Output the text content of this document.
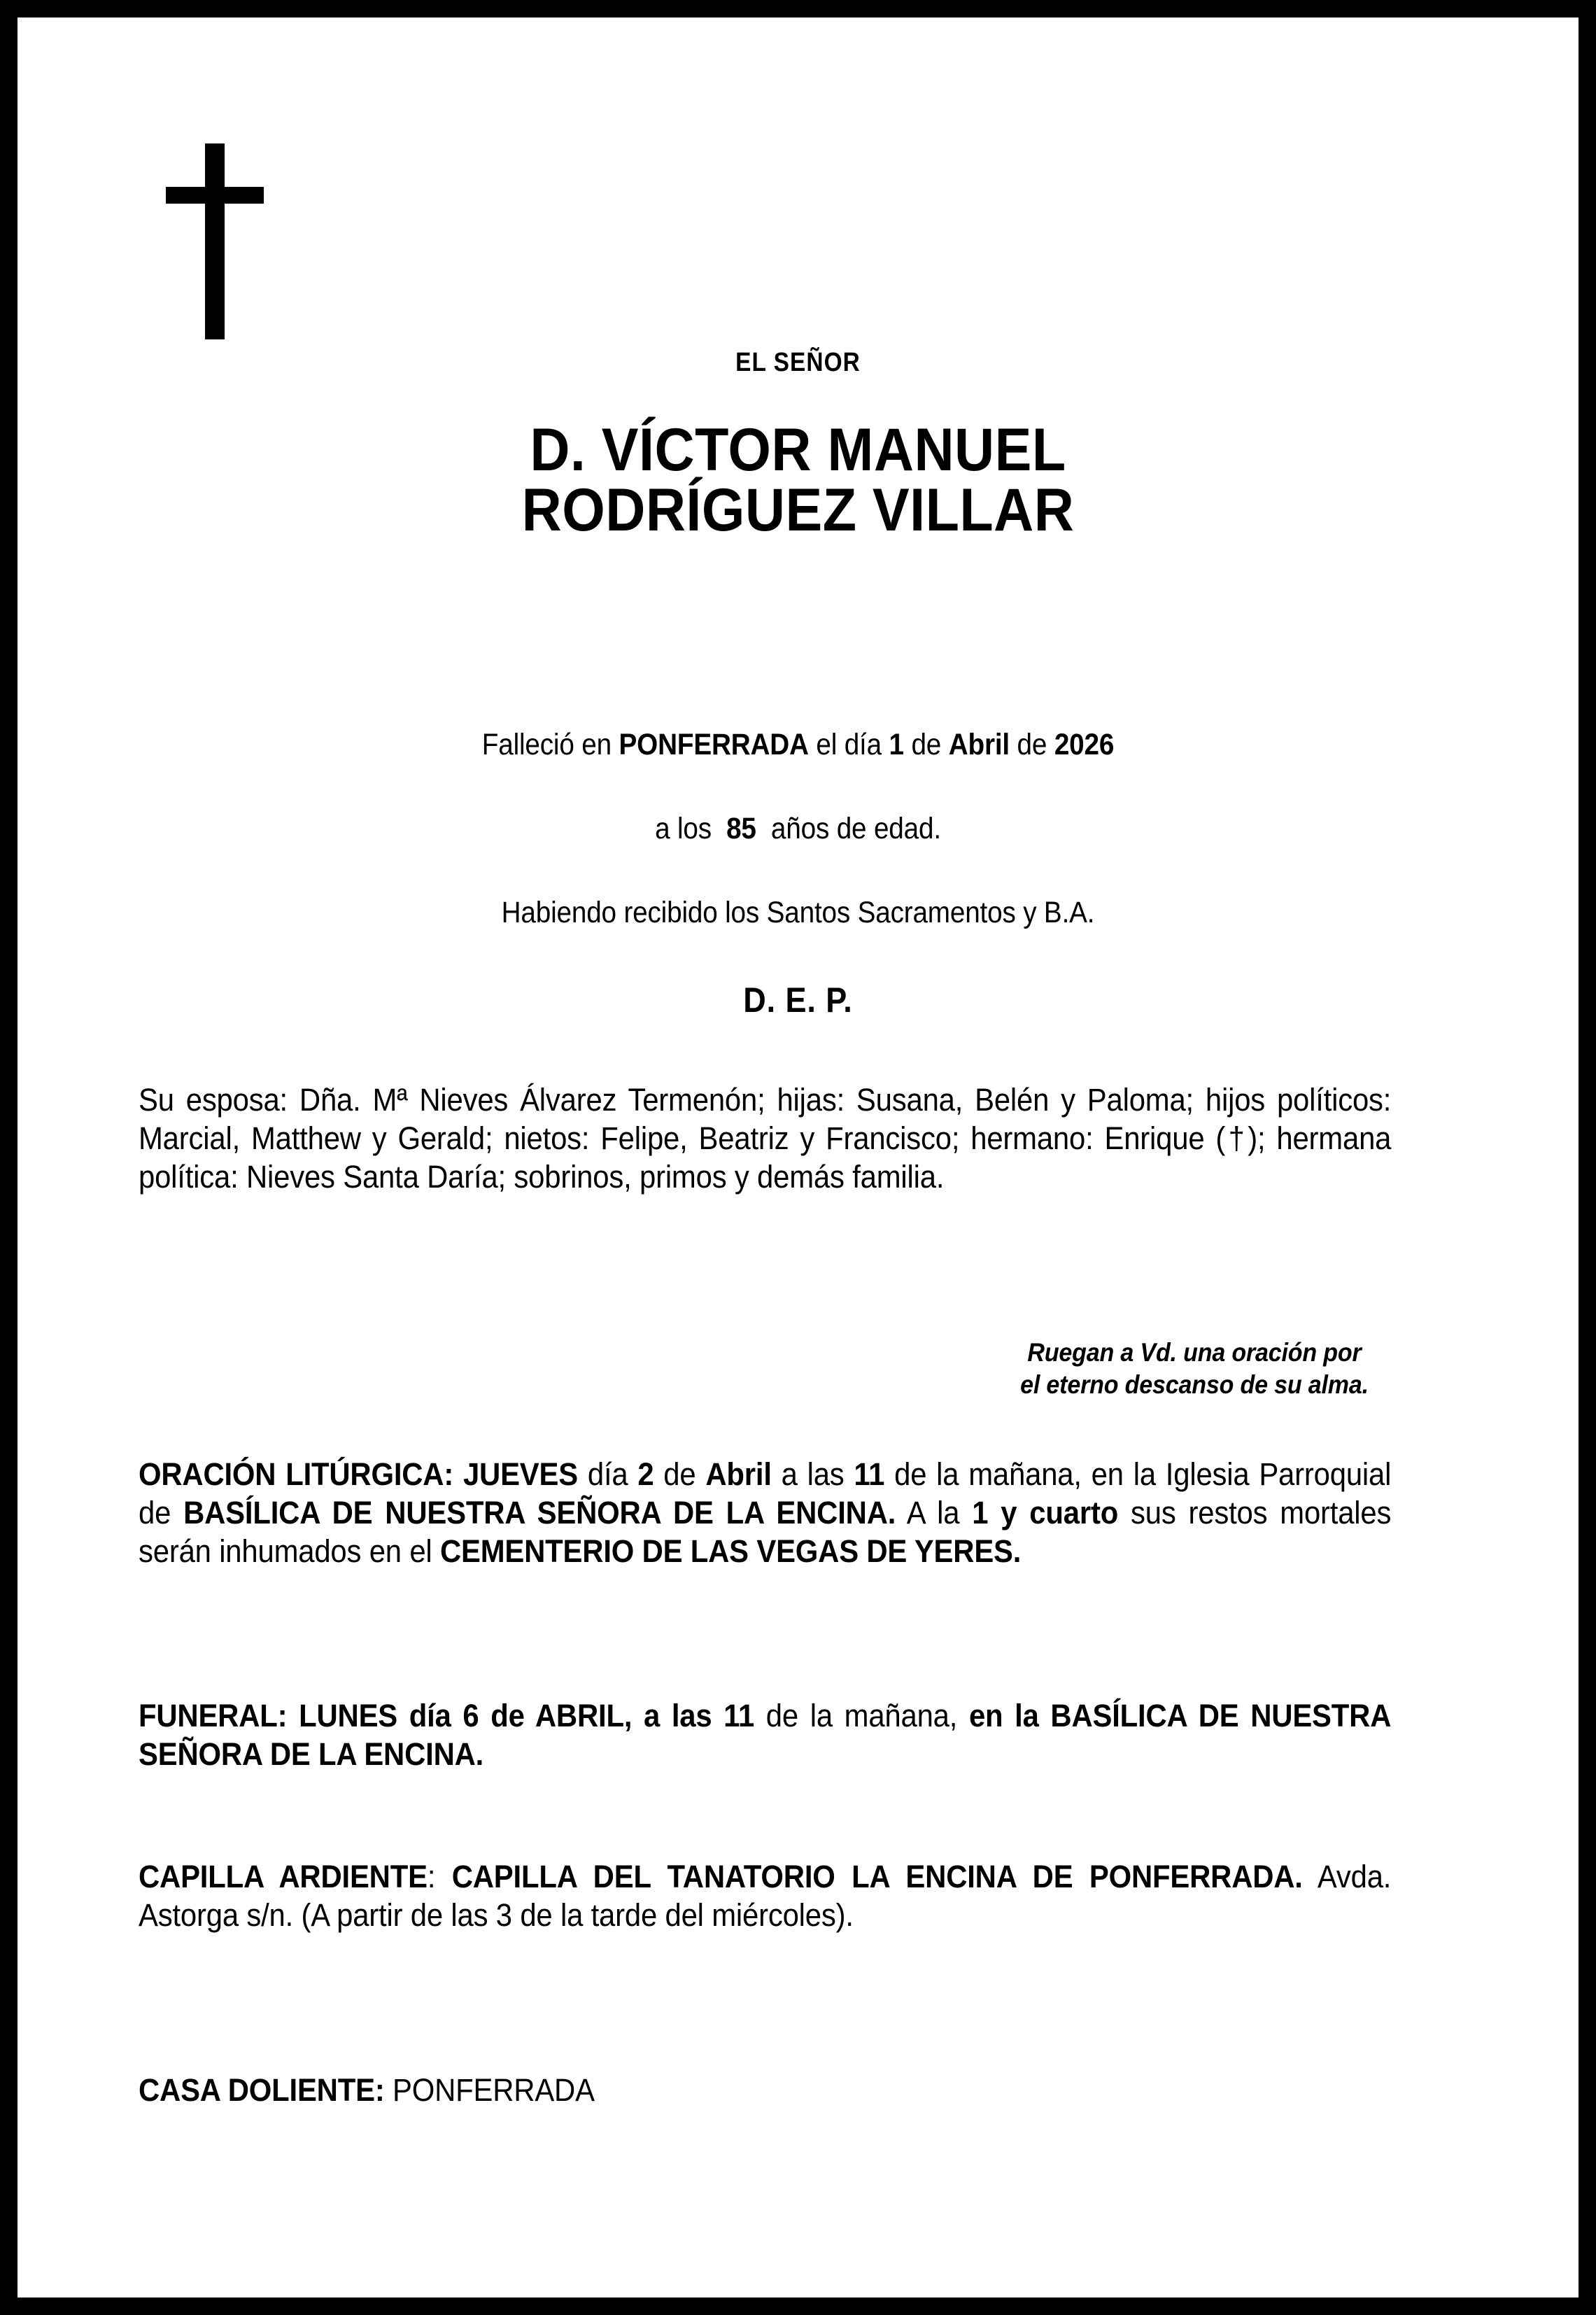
EL SEÑOR
D. VÍCTOR MANUEL
RODRÍGUEZ VILLAR
Falleció en PONFERRADA el día 1 de Abril de 2026
a los  85  años de edad.
Habiendo recibido los Santos Sacramentos y B.A.
D. E. P.
Su esposa: Dña. Mª Nieves Álvarez Termenón; hijas: Susana, Belén y Paloma; hijos políticos: Marcial, Matthew y Gerald; nietos: Felipe, Beatriz y Francisco; hermano: Enrique (†); hermana política: Nieves Santa Daría; sobrinos, primos y demás familia.
Ruegan a Vd. una oración por
el eterno descanso de su alma.
ORACIÓN LITÚRGICA: JUEVES día 2 de Abril a las 11 de la mañana, en la Iglesia Parroquial de BASÍLICA DE NUESTRA SEÑORA DE LA ENCINA. A la 1 y cuarto sus restos mortales serán inhumados en el CEMENTERIO DE LAS VEGAS DE YERES.
FUNERAL: LUNES día 6 de ABRIL, a las 11 de la mañana, en la BASÍLICA DE NUESTRA SEÑORA DE LA ENCINA.
CAPILLA ARDIENTE: CAPILLA DEL TANATORIO LA ENCINA DE PONFERRADA. Avda. Astorga s/n. (A partir de las 3 de la tarde del miércoles).
CASA DOLIENTE: PONFERRADA
